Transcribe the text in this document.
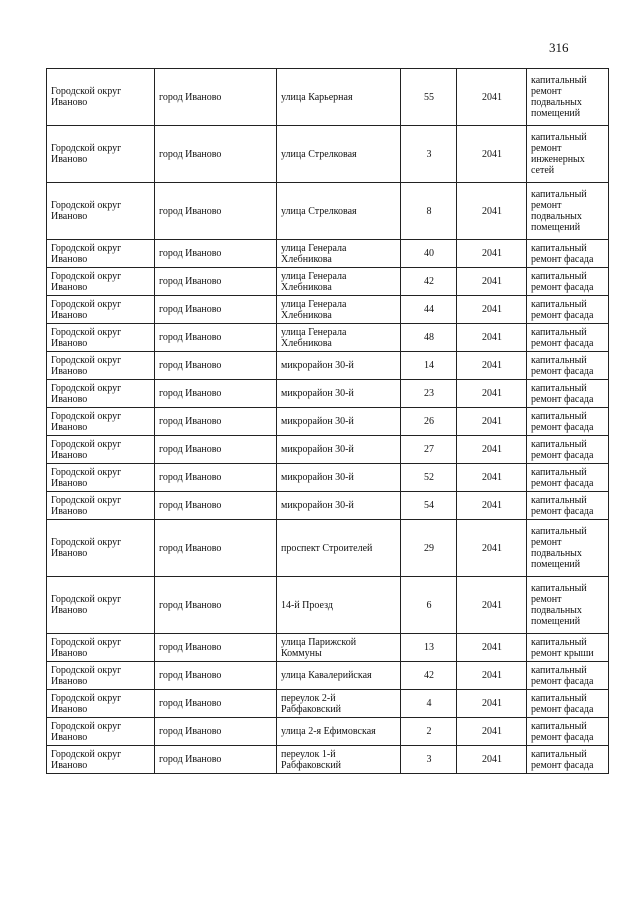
316
Городской округ Иваново	город Иваново	улица Карьерная	55	2041	капитальный ремонт подвальных помещений

Городской округ Иваново	город Иваново	улица Стрелковая	3	2041	капитальный ремонт инженерных сетей

Городской округ Иваново	город Иваново	улица Стрелковая	8	2041	капитальный ремонт подвальных помещений

Городской округ Иваново	город Иваново	улица Генерала Хлебникова	40	2041	капитальный ремонт фасада

Городской округ Иваново	город Иваново	улица Генерала Хлебникова	42	2041	капитальный ремонт фасада

Городской округ Иваново	город Иваново	улица Генерала Хлебникова	44	2041	капитальный ремонт фасада

Городской округ Иваново	город Иваново	улица Генерала Хлебникова	48	2041	капитальный ремонт фасада

Городской округ Иваново	город Иваново	микрорайон 30-й	14	2041	капитальный ремонт фасада

Городской округ Иваново	город Иваново	микрорайон 30-й	23	2041	капитальный ремонт фасада

Городской округ Иваново	город Иваново	микрорайон 30-й	26	2041	капитальный ремонт фасада

Городской округ Иваново	город Иваново	микрорайон 30-й	27	2041	капитальный ремонт фасада

Городской округ Иваново	город Иваново	микрорайон 30-й	52	2041	капитальный ремонт фасада

Городской округ Иваново	город Иваново	микрорайон 30-й	54	2041	капитальный ремонт фасада

Городской округ Иваново	город Иваново	проспект Строителей	29	2041	капитальный ремонт подвальных помещений

Городской округ Иваново	город Иваново	14-й Проезд	6	2041	капитальный ремонт подвальных помещений

Городской округ Иваново	город Иваново	улица Парижской Коммуны	13	2041	капитальный ремонт крыши

Городской округ Иваново	город Иваново	улица Кавалерийская	42	2041	капитальный ремонт фасада

Городской округ Иваново	город Иваново	переулок 2-й Рабфаковский	4	2041	капитальный ремонт фасада

Городской округ Иваново	город Иваново	улица 2-я Ефимовская	2	2041	капитальный ремонт фасада

Городской округ Иваново	город Иваново	переулок 1-й Рабфаковский	3	2041	капитальный ремонт фасада
